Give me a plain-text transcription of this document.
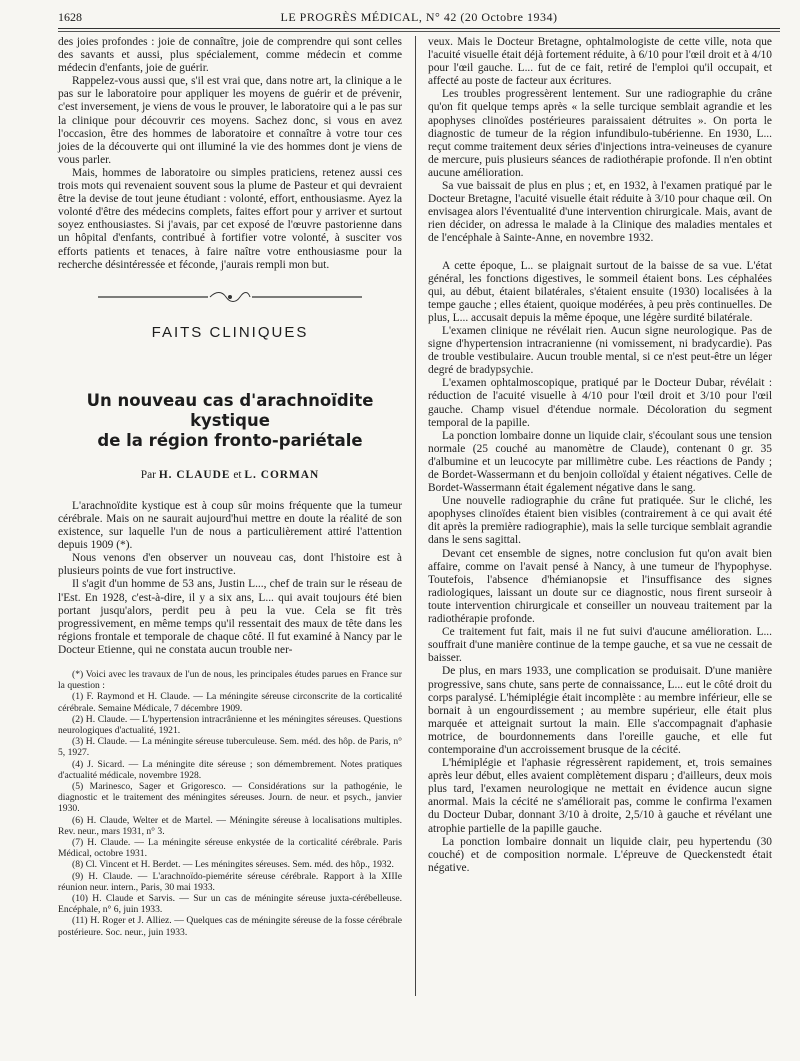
1628	LE PROGRÈS MÉDICAL, N° 42 (20 Octobre 1934)

des joies profondes : joie de connaître, joie de comprendre qui sont celles des savants et aussi, plus spécialement, comme médecin et comme médecin d'enfants, joie de guérir.

Rappelez-vous aussi que, s'il est vrai que, dans notre art, la clinique a le pas sur le laboratoire pour appliquer les moyens de guérir et de prévenir, c'est inversement, je viens de vous le prouver, le laboratoire qui a le pas sur la clinique pour découvrir ces moyens. Sachez donc, si vous en avez l'occasion, être des hommes de laboratoire et connaître à votre tour ces joies de la découverte qui ont illuminé la vie des hommes dont je viens de vous parler.

Mais, hommes de laboratoire ou simples praticiens, retenez aussi ces trois mots qui revenaient souvent sous la plume de Pasteur et qui devraient être la devise de tout jeune étudiant : volonté, effort, enthousiasme. Ayez la volonté d'être des médecins complets, faites effort pour y arriver et surtout soyez enthousiastes. Si j'avais, par cet exposé de l'œuvre pastorienne dans un hôpital d'enfants, contribué à fortifier votre volonté, à susciter vos efforts patients et tenaces, à faire naître votre enthousiasme pour la recherche désintéressée et féconde, j'aurais rempli mon but.

FAITS CLINIQUES
Un nouveau cas d'arachnoïdite kystique
de la région fronto-pariétale
Par H. CLAUDE et L. CORMAN

L'arachnoïdite kystique est à coup sûr moins fréquente que la tumeur cérébrale. Mais on ne saurait aujourd'hui mettre en doute la réalité de son existence, sur laquelle l'un de nous a particulièrement attiré l'attention depuis 1909 (*).

Nous venons d'en observer un nouveau cas, dont l'histoire est à plusieurs points de vue fort instructive.

Il s'agit d'un homme de 53 ans, Justin L..., chef de train sur le réseau de l'Est. En 1928, c'est-à-dire, il y a six ans, L... qui avait toujours été bien portant jusqu'alors, perdit peu à peu la vue. Cela se fit très progressivement, en même temps qu'il ressentait des maux de tête dans les régions frontale et temporale de chaque côté. Il fut examiné à Nancy par le Docteur Etienne, qui ne constata aucun trouble ner-

(*) Voici avec les travaux de l'un de nous, les principales études parues en France sur la question :

(1) F. Raymond et H. Claude. — La méningite séreuse circonscrite de la corticalité cérébrale. Semaine Médicale, 7 décembre 1909.

(2) H. Claude. — L'hypertension intracrânienne et les méningites séreuses. Questions neurologiques d'actualité, 1921.

(3) H. Claude. — La méningite séreuse tuberculeuse. Sem. méd. des hôp. de Paris, n° 5, 1927.

(4) J. Sicard. — La méningite dite séreuse ; son démembrement. Notes pratiques d'actualité médicale, novembre 1928.

(5) Marinesco, Sager et Grigoresco. — Considérations sur la pathogénie, le diagnostic et le traitement des méningites séreuses. Journ. de neur. et psych., janvier 1930.

(6) H. Claude, Welter et de Martel. — Méningite séreuse à localisations multiples. Rev. neur., mars 1931, n° 3.

(7) H. Claude. — La méningite séreuse enkystée de la corticalité cérébrale. Paris Médical, octobre 1931.

(8) Cl. Vincent et H. Berdet. — Les méningites séreuses. Sem. méd. des hôp., 1932.

(9) H. Claude. — L'arachnoïdo-piemérite séreuse cérébrale. Rapport à la XIIIe réunion neur. intern., Paris, 30 mai 1933.

(10) H. Claude et Sarvis. — Sur un cas de méningite séreuse juxta-cérébelleuse. Encéphale, n° 6, juin 1933.

(11) H. Roger et J. Alliez. — Quelques cas de méningite séreuse de la fosse cérébrale postérieure. Soc. neur., juin 1933.

veux. Mais le Docteur Bretagne, ophtalmologiste de cette ville, nota que l'acuité visuelle était déjà fortement réduite, à 6/10 pour l'œil droit et à 4/10 pour l'œil gauche. L... fut de ce fait, retiré de l'emploi qu'il occupait, et affecté au poste de facteur aux écritures.

Les troubles progressèrent lentement. Sur une radiographie du crâne qu'on fit quelque temps après « la selle turcique semblait agrandie et les apophyses clinoïdes postérieures paraissaient détruites ». On porta le diagnostic de tumeur de la région infundibulo-tubérienne. En 1930, L... reçut comme traitement deux séries d'injections intra-veineuses de cyanure de mercure, puis plusieurs séances de radiothérapie profonde. Il n'en obtint aucune amélioration.

Sa vue baissait de plus en plus ; et, en 1932, à l'examen pratiqué par le Docteur Bretagne, l'acuité visuelle était réduite à 3/10 pour chaque œil. On envisagea alors l'éventualité d'une intervention chirurgicale. Mais, avant de rien décider, on adressa le malade à la Clinique des maladies mentales et de l'encéphale à Sainte-Anne, en novembre 1932.

A cette époque, L.. se plaignait surtout de la baisse de sa vue. L'état général, les fonctions digestives, le sommeil étaient bons. Les céphalées qui, au début, étaient bilatérales, s'étaient ensuite (1930) localisées à la tempe gauche ; elles étaient, quoique modérées, à peu près continuelles. De plus, L... accusait depuis la même époque, une légère surdité bilatérale.

L'examen clinique ne révélait rien. Aucun signe neurologique. Pas de signe d'hypertension intracranienne (ni vomissement, ni bradycardie). Pas de trouble vestibulaire. Aucun trouble mental, si ce n'est peut-être un léger degré de bradypsychie.

L'examen ophtalmoscopique, pratiqué par le Docteur Dubar, révélait : réduction de l'acuité visuelle à 4/10 pour l'œil droit et 3/10 pour l'œil gauche. Champ visuel d'étendue normale. Décoloration du segment temporal de la papille.

La ponction lombaire donne un liquide clair, s'écoulant sous une tension normale (25 couché au manomètre de Claude), contenant 0 gr. 35 d'albumine et un leucocyte par millimètre cube. Les réactions de Pandy ; de Bordet-Wassermann et du benjoin colloïdal y étaient négatives. Celle de Bordet-Wassermann était également négative dans le sang.

Une nouvelle radiographie du crâne fut pratiquée. Sur le cliché, les apophyses clinoïdes étaient bien visibles (contrairement à ce qui avait été dit après la première radiographie), mais la selle turcique semblait agrandie dans le sens sagittal.

Devant cet ensemble de signes, notre conclusion fut qu'on avait bien affaire, comme on l'avait pensé à Nancy, à une tumeur de l'hypophyse. Toutefois, l'absence d'hémianopsie et l'insuffisance des signes radiologiques, laissant un doute sur ce diagnostic, nous firent surseoir à toute intervention chirurgicale et conseiller un nouveau traitement par la radiothérapie profonde.

Ce traitement fut fait, mais il ne fut suivi d'aucune amélioration. L... souffrait d'une manière continue de la tempe gauche, et sa vue ne cessait de baisser.

De plus, en mars 1933, une complication se produisait. D'une manière progressive, sans chute, sans perte de connaissance, L... eut le côté droit du corps paralysé. L'hémiplégie était incomplète : au membre inférieur, elle se bornait à un engourdissement ; au membre supérieur, elle était plus marquée et atteignait surtout la main. Elle s'accompagnait d'aphasie motrice, de bourdonnements dans l'oreille gauche, et elle fut contemporaine d'un accroissement brusque de la cécité.

L'hémiplégie et l'aphasie régressèrent rapidement, et, trois semaines après leur début, elles avaient complètement disparu ; d'ailleurs, deux mois plus tard, l'examen neurologique ne mettait en évidence aucun signe anormal. Mais la cécité ne s'améliorait pas, comme le confirma l'examen du Docteur Dubar, donnant 3/10 à droite, 2,5/10 à gauche et révélant une atrophie partielle de la papille gauche.

La ponction lombaire donnait un liquide clair, peu hypertendu (30 couché) et de composition normale. L'épreuve de Queckenstedt était négative.
